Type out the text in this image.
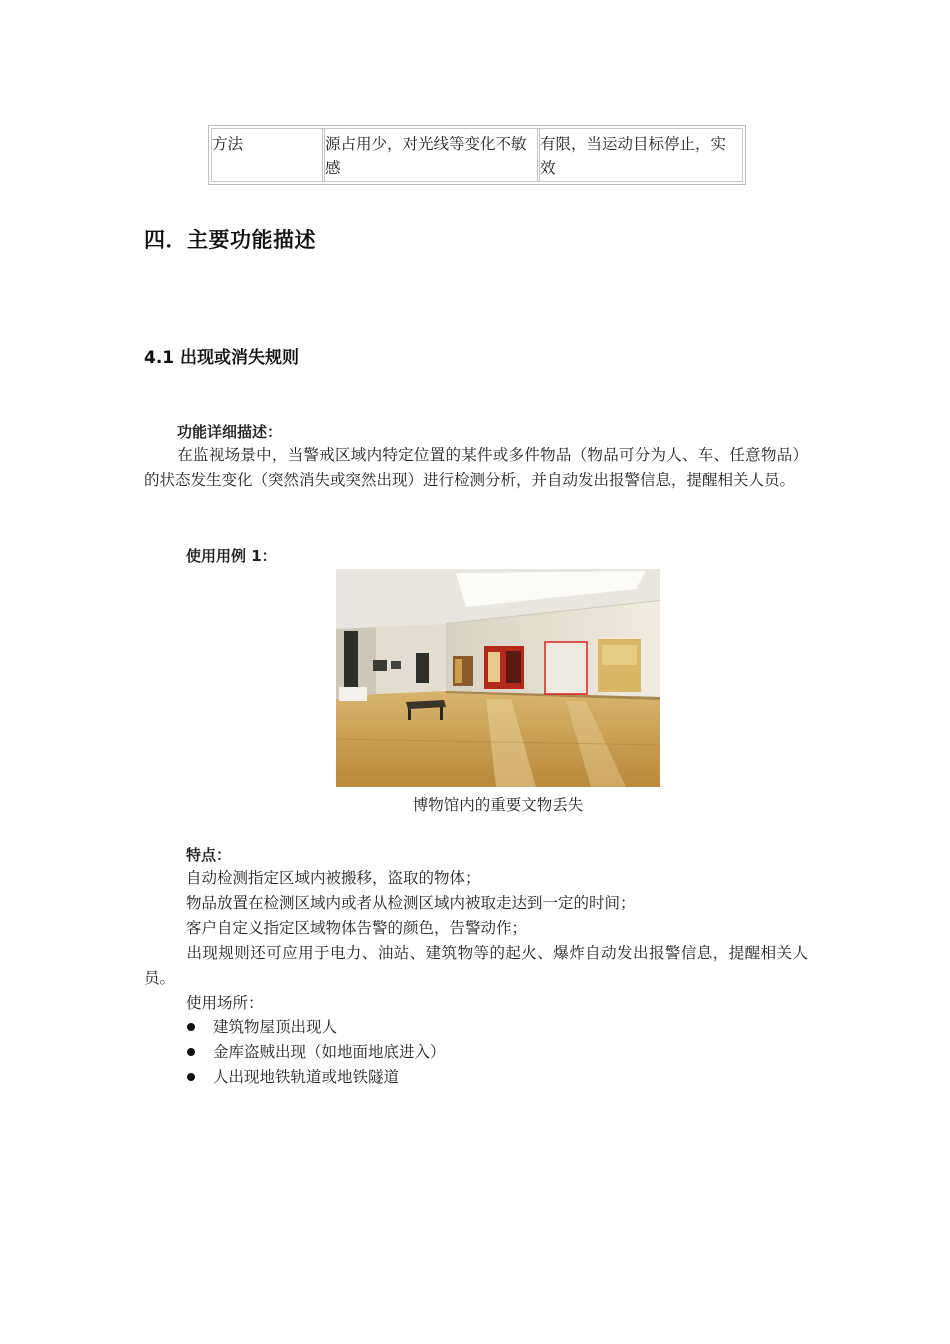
方法	源占用少，对光线等变化不敏
感
有限，当运动目标停止，实
效
四．主要功能描述
4.1 出现或消失规则
功能详细描述：
在监视场景中，当警戒区域内特定位置的某件或多件物品（物品可分为人、车、任意物品）的状态发生变化（突然消失或突然出现）进行检测分析，并自动发出报警信息，提醒相关人员。
使用用例 1：
博物馆内的重要文物丢失
特点：
自动检测指定区域内被搬移，盗取的物体；
物品放置在检测区域内或者从检测区域内被取走达到一定的时间；
客户自定义指定区域物体告警的颜色，告警动作；
出现规则还可应用于电力、油站、建筑物等的起火、爆炸自动发出报警信息，提醒相关人员。
使用场所：
建筑物屋顶出现人
金库盗贼出现（如地面地底进入）
人出现地铁轨道或地铁隧道
